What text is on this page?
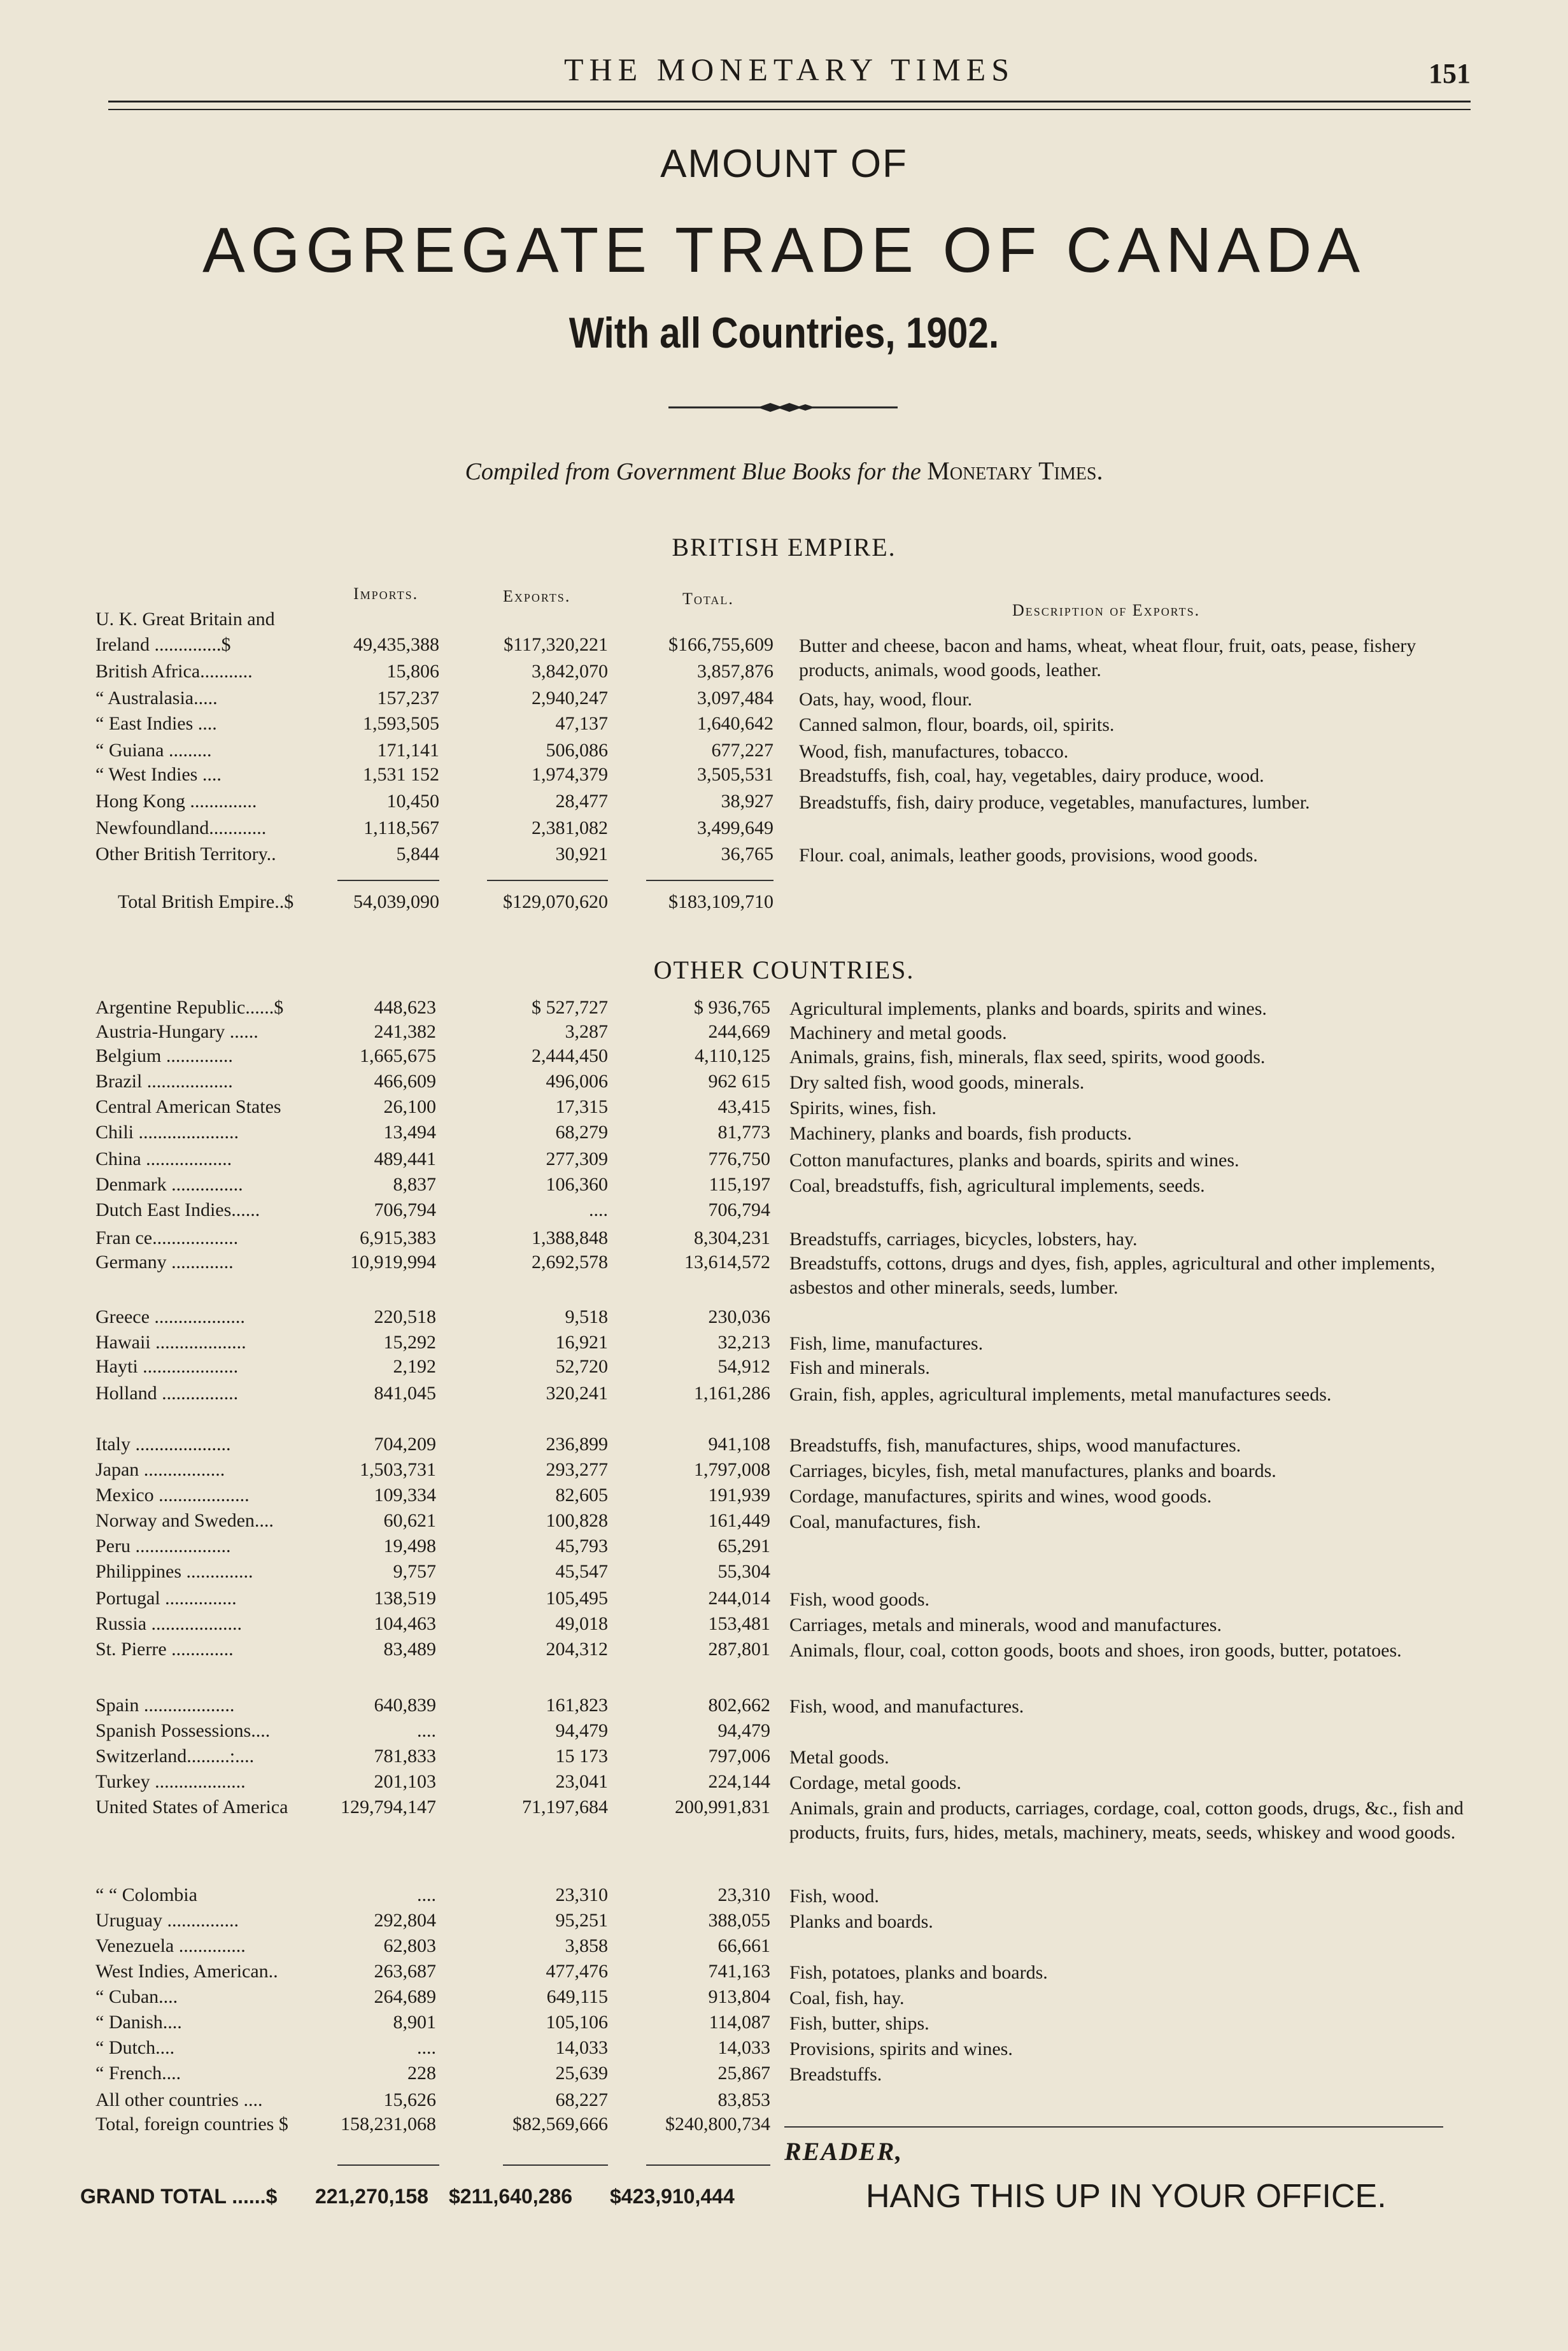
THE MONETARY TIMES	151
AMOUNT OF
AGGREGATE TRADE OF CANADA
With all Countries, 1902.
Compiled from Government Blue Books for the Monetary Times.
BRITISH EMPIRE.
Imports.	Exports.	Total.
Description of Exports.
U. K. Great Britain and
Ireland ..............$	49,435,388	$117,320,221	$166,755,609 Butter and cheese, bacon and hams, wheat, wheat flour, fruit, oats, pease, fishery products, animals, wood goods, leather.
British Africa...........	15,806	3,842,070	3,857,876
“ Australasia.....	157,237	2,940,247	3,097,484 Oats, hay, wood, flour.
“ East Indies ....	1,593,505	47,137	1,640,642 Canned salmon, flour, boards, oil, spirits.
“ Guiana .........	171,141	506,086	677,227 Wood, fish, manufactures, tobacco.
“ West Indies ....	1,531 152	1,974,379	3,505,531 Breadstuffs, fish, coal, hay, vegetables, dairy produce, wood.
Hong Kong ..............	10,450	28,477	38,927 Breadstuffs, fish, dairy produce, vegetables, manufactures, lumber.
Newfoundland............	1,118,567	2,381,082	3,499,649
Other British Territory..	5,844	30,921	36,765 Flour. coal, animals, leather goods, provisions, wood goods.
Total British Empire..$	54,039,090	$129,070,620	$183,109,710
OTHER COUNTRIES.
Argentine Republic......$	448,623	$ 527,727	$ 936,765 Agricultural implements, planks and boards, spirits and wines.
Austria-Hungary ......	241,382	3,287	244,669 Machinery and metal goods.
Belgium ..............	1,665,675	2,444,450	4,110,125 Animals, grains, fish, minerals, flax seed, spirits, wood goods.
Brazil ..................	466,609	496,006	962 615 Dry salted fish, wood goods, minerals.
Central American States	26,100	17,315	43,415 Spirits, wines, fish.
Chili .....................	13,494	68,279	81,773 Machinery, planks and boards, fish products.
China ..................	489,441	277,309	776,750 Cotton manufactures, planks and boards, spirits and wines.
Denmark ...............	8,837	106,360	115,197 Coal, breadstuffs, fish, agricultural implements, seeds.
Dutch East Indies......	706,794	....	706,794
Fran ce..................	6,915,383	1,388,848	8,304,231 Breadstuffs, carriages, bicycles, lobsters, hay.
Germany .............	10,919,994	2,692,578	13,614,572 Breadstuffs, cottons, drugs and dyes, fish, apples, agricultural and other implements, asbestos and other minerals, seeds, lumber.
Greece ...................	220,518	9,518	230,036
Hawaii ...................	15,292	16,921	32,213 Fish, lime, manufactures.
Hayti ....................	2,192	52,720	54,912 Fish and minerals.
Holland ................	841,045	320,241	1,161,286 Grain, fish, apples, agricultural implements, metal manufactures seeds.
Italy ....................	704,209	236,899	941,108 Breadstuffs, fish, manufactures, ships, wood manufactures.
Japan .................	1,503,731	293,277	1,797,008 Carriages, bicyles, fish, metal manufactures, planks and boards.
Mexico ...................	109,334	82,605	191,939 Cordage, manufactures, spirits and wines, wood goods.
Norway and Sweden....	60,621	100,828	161,449 Coal, manufactures, fish.
Peru ....................	19,498	45,793	65,291
Philippines ..............	9,757	45,547	55,304
Portugal ...............	138,519	105,495	244,014 Fish, wood goods.
Russia ...................	104,463	49,018	153,481 Carriages, metals and minerals, wood and manufactures.
St. Pierre .............	83,489	204,312	287,801 Animals, flour, coal, cotton goods, boots and shoes, iron goods, butter, potatoes.
Spain ...................	640,839	161,823	802,662 Fish, wood, and manufactures.
Spanish Possessions....	....	94,479	94,479
Switzerland.........:....	781,833	15 173	797,006 Metal goods.
Turkey ...................	201,103	23,041	224,144 Cordage, metal goods.
United States of America	129,794,147	71,197,684	200,991,831 Animals, grain and products, carriages, cordage, coal, cotton goods, drugs, &c., fish and products, fruits, furs, hides, metals, machinery, meats, seeds, whiskey and wood goods.
“ “ Colombia	....	23,310	23,310 Fish, wood.
Uruguay ...............	292,804	95,251	388,055 Planks and boards.
Venezuela ..............	62,803	3,858	66,661
West Indies, American..	263,687	477,476	741,163 Fish, potatoes, planks and boards.
“ Cuban....	264,689	649,115	913,804 Coal, fish, hay.
“ Danish....	8,901	105,106	114,087 Fish, butter, ships.
“ Dutch....	....	14,033	14,033 Provisions, spirits and wines.
“ French....	228	25,639	25,867 Breadstuffs.
All other countries ....	15,626	68,227	83,853
Total, foreign countries $	158,231,068	$82,569,666	$240,800,734
GRAND TOTAL ......$ 221,270,158 $211,640,286 $423,910,444
READER,
HANG THIS UP IN YOUR OFFICE.
